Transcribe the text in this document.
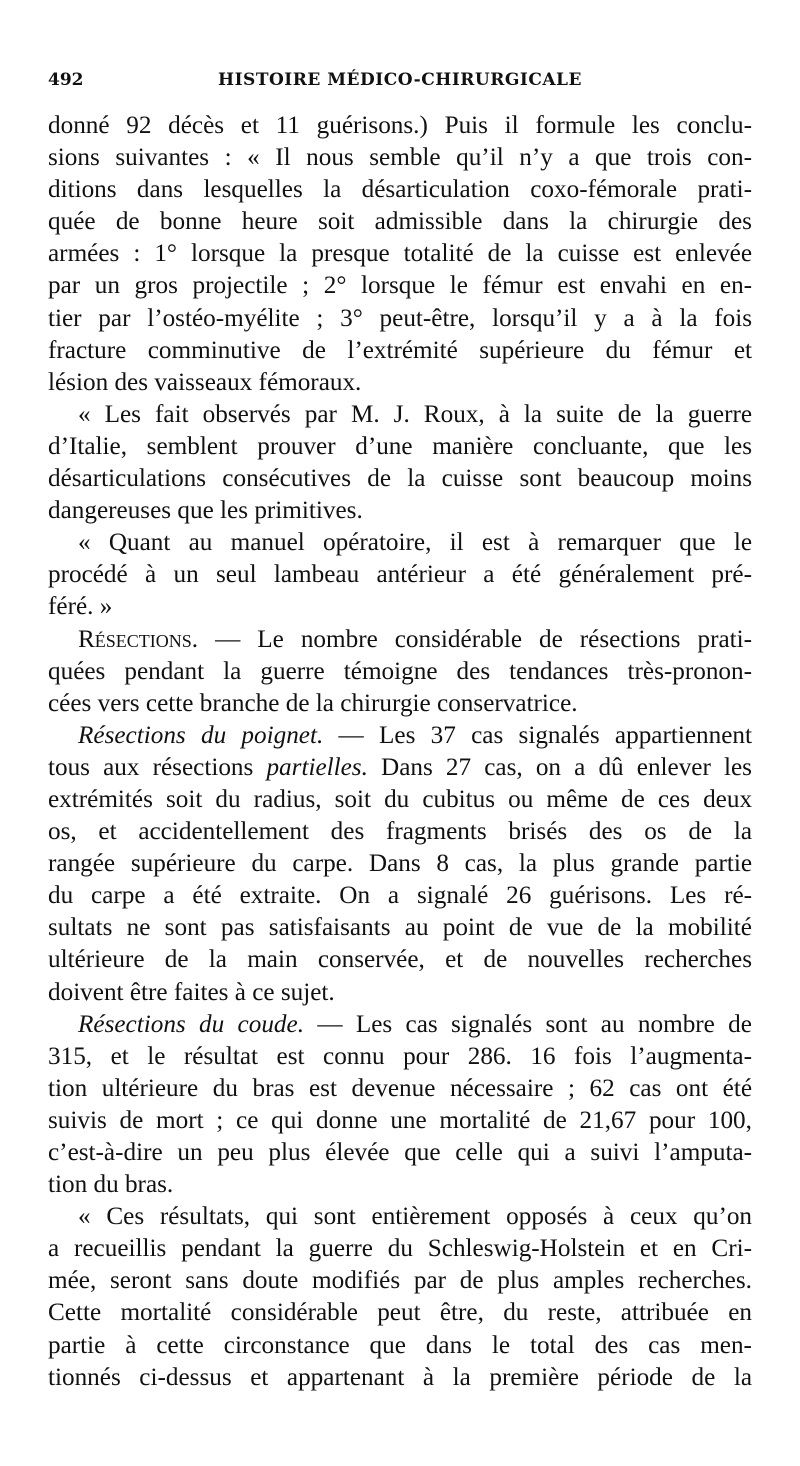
492	HISTOIRE MÉDICO-CHIRURGICALE
donné 92 décès et 11 guérisons.) Puis il formule les conclu-
sions suivantes : « Il nous semble qu’il n’y a que trois con-
ditions dans lesquelles la désarticulation coxo-fémorale prati-
quée de bonne heure soit admissible dans la chirurgie des
armées : 1° lorsque la presque totalité de la cuisse est enlevée
par un gros projectile ; 2° lorsque le fémur est envahi en en-
tier par l’ostéo-myélite ; 3° peut-être, lorsqu’il y a à la fois
fracture comminutive de l’extrémité supérieure du fémur et
lésion des vaisseaux fémoraux.
« Les fait observés par M. J. Roux, à la suite de la guerre
d’Italie, semblent prouver d’une manière concluante, que les
désarticulations consécutives de la cuisse sont beaucoup moins
dangereuses que les primitives.
« Quant au manuel opératoire, il est à remarquer que le
procédé à un seul lambeau antérieur a été généralement pré-
féré. »
Résections. — Le nombre considérable de résections prati-
quées pendant la guerre témoigne des tendances très-pronon-
cées vers cette branche de la chirurgie conservatrice.
Résections du poignet. — Les 37 cas signalés appartiennent
tous aux résections partielles. Dans 27 cas, on a dû enlever les
extrémités soit du radius, soit du cubitus ou même de ces deux
os, et accidentellement des fragments brisés des os de la
rangée supérieure du carpe. Dans 8 cas, la plus grande partie
du carpe a été extraite. On a signalé 26 guérisons. Les ré-
sultats ne sont pas satisfaisants au point de vue de la mobilité
ultérieure de la main conservée, et de nouvelles recherches
doivent être faites à ce sujet.
Résections du coude. — Les cas signalés sont au nombre de
315, et le résultat est connu pour 286. 16 fois l’augmenta-
tion ultérieure du bras est devenue nécessaire ; 62 cas ont été
suivis de mort ; ce qui donne une mortalité de 21,67 pour 100,
c’est-à-dire un peu plus élevée que celle qui a suivi l’amputa-
tion du bras.
« Ces résultats, qui sont entièrement opposés à ceux qu’on
a recueillis pendant la guerre du Schleswig-Holstein et en Cri-
mée, seront sans doute modifiés par de plus amples recherches.
Cette mortalité considérable peut être, du reste, attribuée en
partie à cette circonstance que dans le total des cas men-
tionnés ci-dessus et appartenant à la première période de la
